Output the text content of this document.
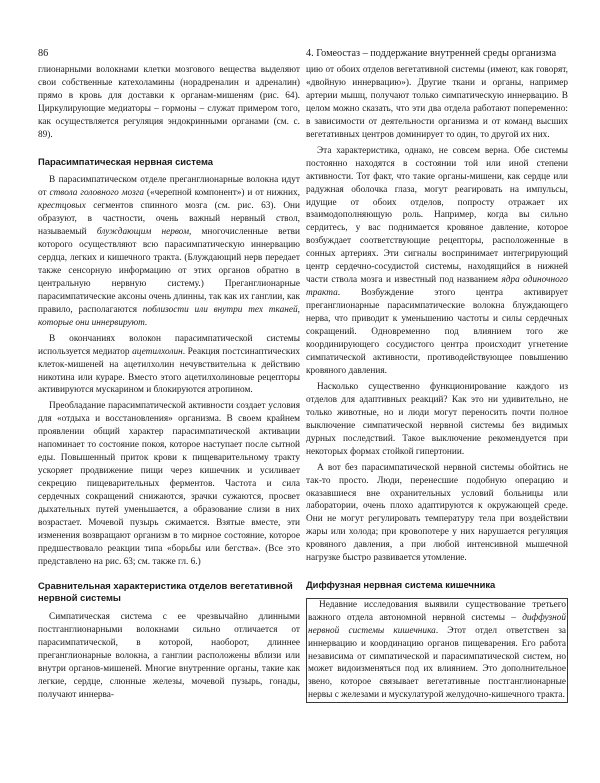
86	4. Гомеостаз – поддержание внутренней среды организма

глионарными волокнами клетки мозгового вещества выделяют свои собственные катехоламины (норадреналин и адреналин) прямо в кровь для доставки к органам-мишеням (рис. 64). Циркулирующие медиаторы – гормоны – служат примером того, как осуществляется регуляция эндокринными органами (см. с. 89).

Парасимпатическая нервная система

В парасимпатическом отделе преганглионарные волокна идут от ствола головного мозга («черепной компонент») и от нижних, крестцовых сегментов спинного мозга (см. рис. 63). Они образуют, в частности, очень важный нервный ствол, называемый блуждающим нервом, многочисленные ветви которого осуществляют всю парасимпатическую иннервацию сердца, легких и кишечного тракта. (Блуждающий нерв передает также сенсорную информацию от этих органов обратно в центральную нервную систему.) Преганглионарные парасимпатические аксоны очень длинны, так как их ганглии, как правило, располагаются поблизости или внутри тех тканей, которые они иннервируют.

В окончаниях волокон парасимпатической системы используется медиатор ацетилхолин. Реакция постсинаптических клеток-мишеней на ацетилхолин нечувствительна к действию никотина или кураре. Вместо этого ацетилхолиновые рецепторы активируются мускарином и блокируются атропином.

Преобладание парасимпатической активности создает условия для «отдыха и восстановления» организма. В своем крайнем проявлении общий характер парасимпатической активации напоминает то состояние покоя, которое наступает после сытной еды. Повышенный приток крови к пищеварительному тракту ускоряет продвижение пищи через кишечник и усиливает секрецию пищеварительных ферментов. Частота и сила сердечных сокращений снижаются, зрачки сужаются, просвет дыхательных путей уменьшается, а образование слизи в них возрастает. Мочевой пузырь сжимается. Взятые вместе, эти изменения возвращают организм в то мирное состояние, которое предшествовало реакции типа «борьбы или бегства». (Все это представлено на рис. 63; см. также гл. 6.)

Сравнительная характеристика отделов вегетативной нервной системы

Симпатическая система с ее чрезвычайно длинными постганглионарными волокнами сильно отличается от парасимпатической, в которой, наоборот, длиннее преганглионарные волокна, а ганглии расположены вблизи или внутри органов-мишеней. Многие внутренние органы, такие как легкие, сердце, слюнные железы, мочевой пузырь, гонады, получают иннерва-

цию от обоих отделов вегетативной системы (имеют, как говорят, «двойную иннервацию»). Другие ткани и органы, например артерии мышц, получают только симпатическую иннервацию. В целом можно сказать, что эти два отдела работают попеременно: в зависимости от деятельности организма и от команд высших вегетативных центров доминирует то один, то другой их них.

Эта характеристика, однако, не совсем верна. Обе системы постоянно находятся в состоянии той или иной степени активности. Тот факт, что такие органы-мишени, как сердце или радужная оболочка глаза, могут реагировать на импульсы, идущие от обоих отделов, попросту отражает их взаимодополняющую роль. Например, когда вы сильно сердитесь, у вас поднимается кровяное давление, которое возбуждает соответствующие рецепторы, расположенные в сонных артериях. Эти сигналы воспринимает интегрирующий центр сердечно-сосудистой системы, находящийся в нижней части ствола мозга и известный под названием ядра одиночного тракта. Возбуждение этого центра активирует преганглионарные парасимпатические волокна блуждающего нерва, что приводит к уменьшению частоты и силы сердечных сокращений. Одновременно под влиянием того же координирующего сосудистого центра происходит угнетение симпатической активности, противодействующее повышению кровяного давления.

Насколько существенно функционирование каждого из отделов для адаптивных реакций? Как это ни удивительно, не только животные, но и люди могут переносить почти полное выключение симпатической нервной системы без видимых дурных последствий. Такое выключение рекомендуется при некоторых формах стойкой гипертонии.

А вот без парасимпатической нервной системы обойтись не так-то просто. Люди, перенесшие подобную операцию и оказавшиеся вне охранительных условий больницы или лаборатории, очень плохо адаптируются к окружающей среде. Они не могут регулировать температуру тела при воздействии жары или холода; при кровопотере у них нарушается регуляция кровяного давления, а при любой интенсивной мышечной нагрузке быстро развивается утомление.

Диффузная нервная система кишечника

Недавние исследования выявили существование третьего важного отдела автономной нервной системы – диффузной нервной системы кишечника. Этот отдел ответствен за иннервацию и координацию органов пищеварения. Его работа независима от симпатической и парасимпатической систем, но может видоизменяться под их влиянием. Это дополнительное звено, которое связывает вегетативные постганглионарные нервы с железами и мускулатурой желудочно-кишечного тракта.
